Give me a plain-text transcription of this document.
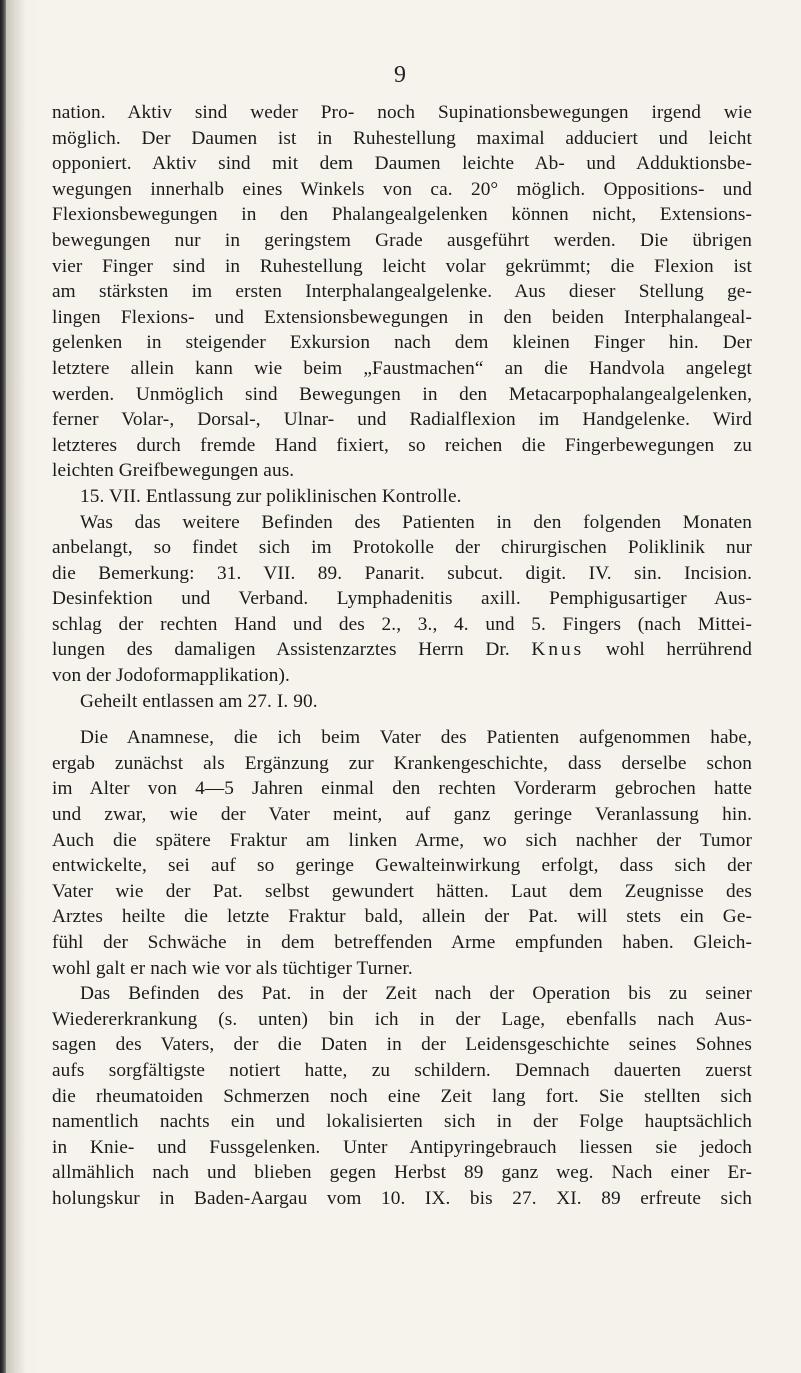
9
nation. Aktiv sind weder Pro- noch Supinationsbewegungen irgend wie
möglich. Der Daumen ist in Ruhestellung maximal adduciert und leicht
opponiert. Aktiv sind mit dem Daumen leichte Ab- und Adduktionsbe-
wegungen innerhalb eines Winkels von ca. 20° möglich. Oppositions- und
Flexionsbewegungen in den Phalangealgelenken können nicht, Extensions-
bewegungen nur in geringstem Grade ausgeführt werden. Die übrigen
vier Finger sind in Ruhestellung leicht volar gekrümmt; die Flexion ist
am stärksten im ersten Interphalangealgelenke. Aus dieser Stellung ge-
lingen Flexions- und Extensionsbewegungen in den beiden Interphalangeal-
gelenken in steigender Exkursion nach dem kleinen Finger hin. Der
letztere allein kann wie beim „Faustmachen“ an die Handvola angelegt
werden. Unmöglich sind Bewegungen in den Metacarpophalangealgelenken,
ferner Volar-, Dorsal-, Ulnar- und Radialflexion im Handgelenke. Wird
letzteres durch fremde Hand fixiert, so reichen die Fingerbewegungen zu
leichten Greifbewegungen aus.
15. VII. Entlassung zur poliklinischen Kontrolle.
Was das weitere Befinden des Patienten in den folgenden Monaten
anbelangt, so findet sich im Protokolle der chirurgischen Poliklinik nur
die Bemerkung: 31. VII. 89. Panarit. subcut. digit. IV. sin. Incision.
Desinfektion und Verband. Lymphadenitis axill. Pemphigusartiger Aus-
schlag der rechten Hand und des 2., 3., 4. und 5. Fingers (nach Mittei-
lungen des damaligen Assistenzarztes Herrn Dr. Knus wohl herrührend
von der Jodoformapplikation).
Geheilt entlassen am 27. I. 90.
Die Anamnese, die ich beim Vater des Patienten aufgenommen habe,
ergab zunächst als Ergänzung zur Krankengeschichte, dass derselbe schon
im Alter von 4—5 Jahren einmal den rechten Vorderarm gebrochen hatte
und zwar, wie der Vater meint, auf ganz geringe Veranlassung hin.
Auch die spätere Fraktur am linken Arme, wo sich nachher der Tumor
entwickelte, sei auf so geringe Gewalteinwirkung erfolgt, dass sich der
Vater wie der Pat. selbst gewundert hätten. Laut dem Zeugnisse des
Arztes heilte die letzte Fraktur bald, allein der Pat. will stets ein Ge-
fühl der Schwäche in dem betreffenden Arme empfunden haben. Gleich-
wohl galt er nach wie vor als tüchtiger Turner.
Das Befinden des Pat. in der Zeit nach der Operation bis zu seiner
Wiedererkrankung (s. unten) bin ich in der Lage, ebenfalls nach Aus-
sagen des Vaters, der die Daten in der Leidensgeschichte seines Sohnes
aufs sorgfältigste notiert hatte, zu schildern. Demnach dauerten zuerst
die rheumatoiden Schmerzen noch eine Zeit lang fort. Sie stellten sich
namentlich nachts ein und lokalisierten sich in der Folge hauptsächlich
in Knie- und Fussgelenken. Unter Antipyringebrauch liessen sie jedoch
allmählich nach und blieben gegen Herbst 89 ganz weg. Nach einer Er-
holungskur in Baden-Aargau vom 10. IX. bis 27. XI. 89 erfreute sich
